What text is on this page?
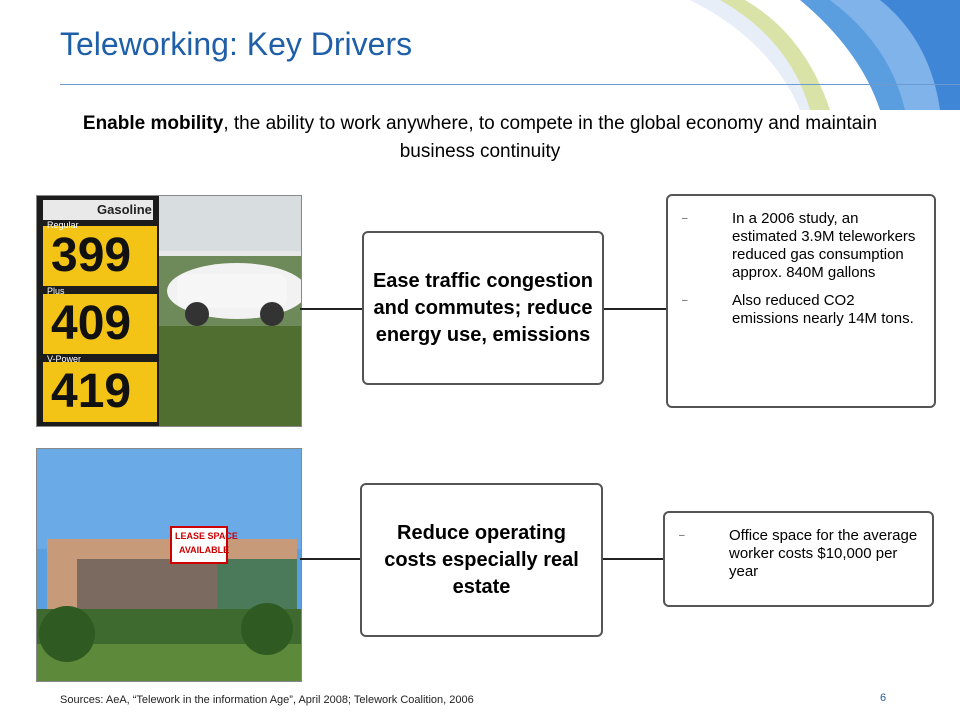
Teleworking: Key Drivers
Enable mobility, the ability to work anywhere, to compete in the global economy and maintain business continuity
Gasoline
Regular
399
Plus
409
V-Power
419
Ease traffic congestion and commutes; reduce energy use, emissions
–	In a 2006 study, an estimated 3.9M teleworkers reduced gas consumption approx. 840M gallons
–	Also reduced CO2 emissions nearly 14M tons.
LEASE SPACE
AVAILABLE
Reduce operating costs especially real estate
–	Office space for the average worker costs $10,000 per year
Sources: AeA, “Telework in the information Age”, April 2008; Telework Coalition, 2006	6
